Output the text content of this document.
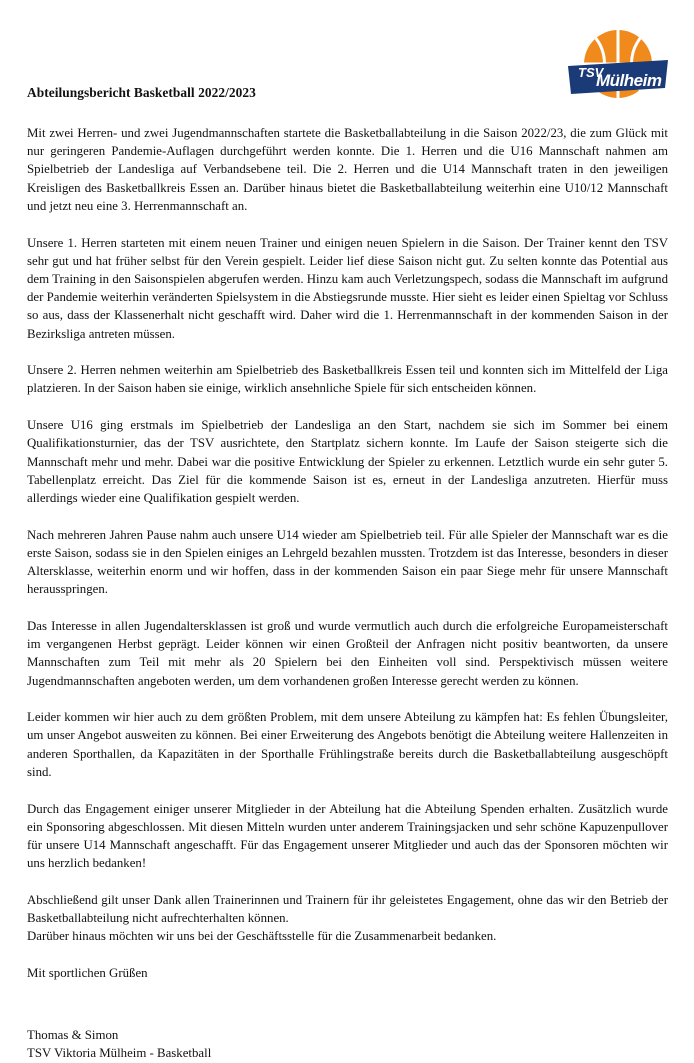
TSV
Mülheim
1898
Abteilungsbericht Basketball 2022/2023

Mit zwei Herren- und zwei Jugendmannschaften startete die Basketballabteilung in die Saison 2022/23, die zum Glück mit nur geringeren Pandemie-Auflagen durchgeführt werden konnte. Die 1. Herren und die U16 Mannschaft nahmen am Spielbetrieb der Landesliga auf Verbandsebene teil. Die 2. Herren und die U14 Mannschaft traten in den jeweiligen Kreisligen des Basketballkreis Essen an. Darüber hinaus bietet die Basketballabteilung weiterhin eine U10/12 Mannschaft und jetzt neu eine 3. Herrenmannschaft an.

Unsere 1. Herren starteten mit einem neuen Trainer und einigen neuen Spielern in die Saison. Der Trainer kennt den TSV sehr gut und hat früher selbst für den Verein gespielt. Leider lief diese Saison nicht gut. Zu selten konnte das Potential aus dem Training in den Saisonspielen abgerufen werden. Hinzu kam auch Verletzungspech, sodass die Mannschaft im aufgrund der Pandemie weiterhin veränderten Spielsystem in die Abstiegsrunde musste. Hier sieht es leider einen Spieltag vor Schluss so aus, dass der Klassenerhalt nicht geschafft wird. Daher wird die 1. Herrenmannschaft in der kommenden Saison in der Bezirksliga antreten müssen.

Unsere 2. Herren nehmen weiterhin am Spielbetrieb des Basketballkreis Essen teil und konnten sich im Mittelfeld der Liga platzieren. In der Saison haben sie einige, wirklich ansehnliche Spiele für sich entscheiden können.

Unsere U16 ging erstmals im Spielbetrieb der Landesliga an den Start, nachdem sie sich im Sommer bei einem Qualifikationsturnier, das der TSV ausrichtete, den Startplatz sichern konnte. Im Laufe der Saison steigerte sich die Mannschaft mehr und mehr. Dabei war die positive Entwicklung der Spieler zu erkennen. Letztlich wurde ein sehr guter 5. Tabellenplatz erreicht. Das Ziel für die kommende Saison ist es, erneut in der Landesliga anzutreten. Hierfür muss allerdings wieder eine Qualifikation gespielt werden.

Nach mehreren Jahren Pause nahm auch unsere U14 wieder am Spielbetrieb teil. Für alle Spieler der Mannschaft war es die erste Saison, sodass sie in den Spielen einiges an Lehrgeld bezahlen mussten. Trotzdem ist das Interesse, besonders in dieser Altersklasse, weiterhin enorm und wir hoffen, dass in der kommenden Saison ein paar Siege mehr für unsere Mannschaft herausspringen.

Das Interesse in allen Jugendaltersklassen ist groß und wurde vermutlich auch durch die erfolgreiche Europameisterschaft im vergangenen Herbst geprägt. Leider können wir einen Großteil der Anfragen nicht positiv beantworten, da unsere Mannschaften zum Teil mit mehr als 20 Spielern bei den Einheiten voll sind. Perspektivisch müssen weitere Jugendmannschaften angeboten werden, um dem vorhandenen großen Interesse gerecht werden zu können.

Leider kommen wir hier auch zu dem größten Problem, mit dem unsere Abteilung zu kämpfen hat: Es fehlen Übungsleiter, um unser Angebot ausweiten zu können. Bei einer Erweiterung des Angebots benötigt die Abteilung weitere Hallenzeiten in anderen Sporthallen, da Kapazitäten in der Sporthalle Frühlingstraße bereits durch die Basketballabteilung ausgeschöpft sind.

Durch das Engagement einiger unserer Mitglieder in der Abteilung hat die Abteilung Spenden erhalten. Zusätzlich wurde ein Sponsoring abgeschlossen. Mit diesen Mitteln wurden unter anderem Trainingsjacken und sehr schöne Kapuzenpullover für unsere U14 Mannschaft angeschafft. Für das Engagement unserer Mitglieder und auch das der Sponsoren möchten wir uns herzlich bedanken!

Abschließend gilt unser Dank allen Trainerinnen und Trainern für ihr geleistetes Engagement, ohne das wir den Betrieb der Basketballabteilung nicht aufrechterhalten können.

Darüber hinaus möchten wir uns bei der Geschäftsstelle für die Zusammenarbeit bedanken.

Mit sportlichen Grüßen

Thomas & Simon

TSV Viktoria Mülheim - Basketball
